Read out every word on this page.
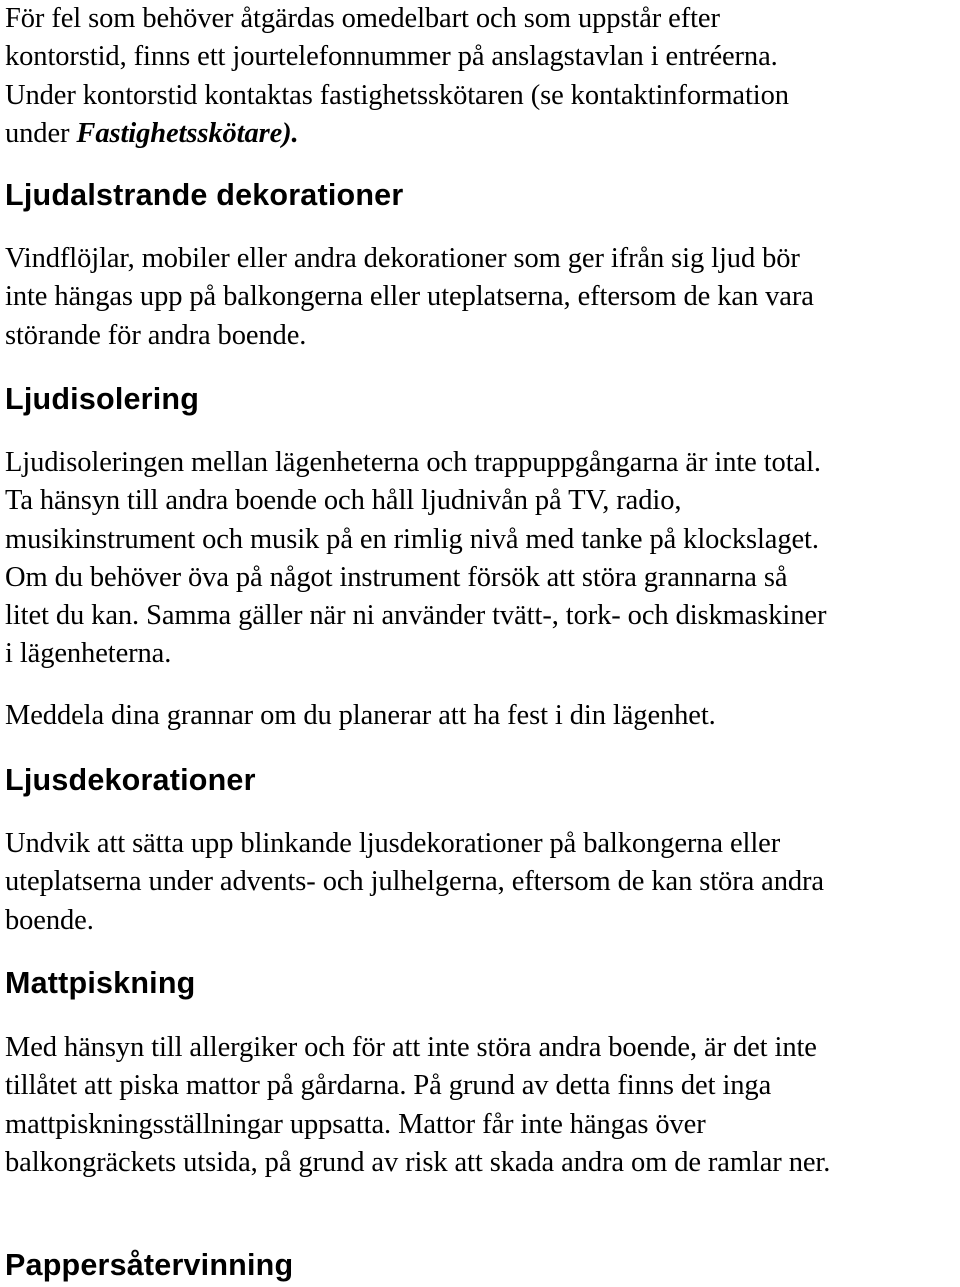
För fel som behöver åtgärdas omedelbart och som uppstår efter
kontorstid, finns ett jourtelefonnummer på anslagstavlan i entréerna.
Under kontorstid kontaktas fastighetsskötaren (se kontaktinformation
under Fastighetsskötare).

Ljudalstrande dekorationer

Vindflöjlar, mobiler eller andra dekorationer som ger ifrån sig ljud bör
inte hängas upp på balkongerna eller uteplatserna, eftersom de kan vara
störande för andra boende.

Ljudisolering

Ljudisoleringen mellan lägenheterna och trappuppgångarna är inte total.
Ta hänsyn till andra boende och håll ljudnivån på TV, radio,
musikinstrument och musik på en rimlig nivå med tanke på klockslaget.
Om du behöver öva på något instrument försök att störa grannarna så
litet du kan. Samma gäller när ni använder tvätt-, tork- och diskmaskiner
i lägenheterna.

Meddela dina grannar om du planerar att ha fest i din lägenhet.

Ljusdekorationer

Undvik att sätta upp blinkande ljusdekorationer på balkongerna eller
uteplatserna under advents- och julhelgerna, eftersom de kan störa andra
boende.

Mattpiskning

Med hänsyn till allergiker och för att inte störa andra boende, är det inte
tillåtet att piska mattor på gårdarna. På grund av detta finns det inga
mattpiskningsställningar uppsatta. Mattor får inte hängas över
balkongräckets utsida, på grund av risk att skada andra om de ramlar ner.

Pappersåtervinning
